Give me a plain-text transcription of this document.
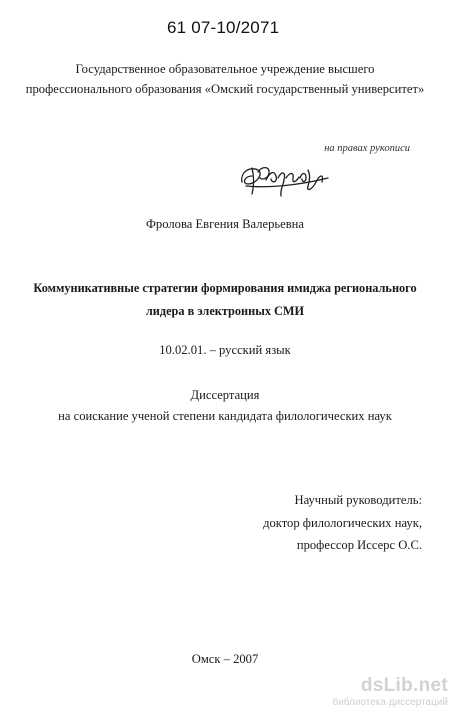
61 07-10/2071
Государственное образовательное учреждение высшего
профессионального образования «Омский государственный университет»
на правах рукописи
Фролова Евгения Валерьевна
Коммуникативные стратегии формирования имиджа регионального
лидера в электронных СМИ
10.02.01. – русский язык
Диссертация
на соискание ученой степени кандидата филологических наук
Научный руководитель:
доктор филологических наук,
профессор Иссерс О.С.
Омск – 2007
dsLib.net
библиотека диссертаций
